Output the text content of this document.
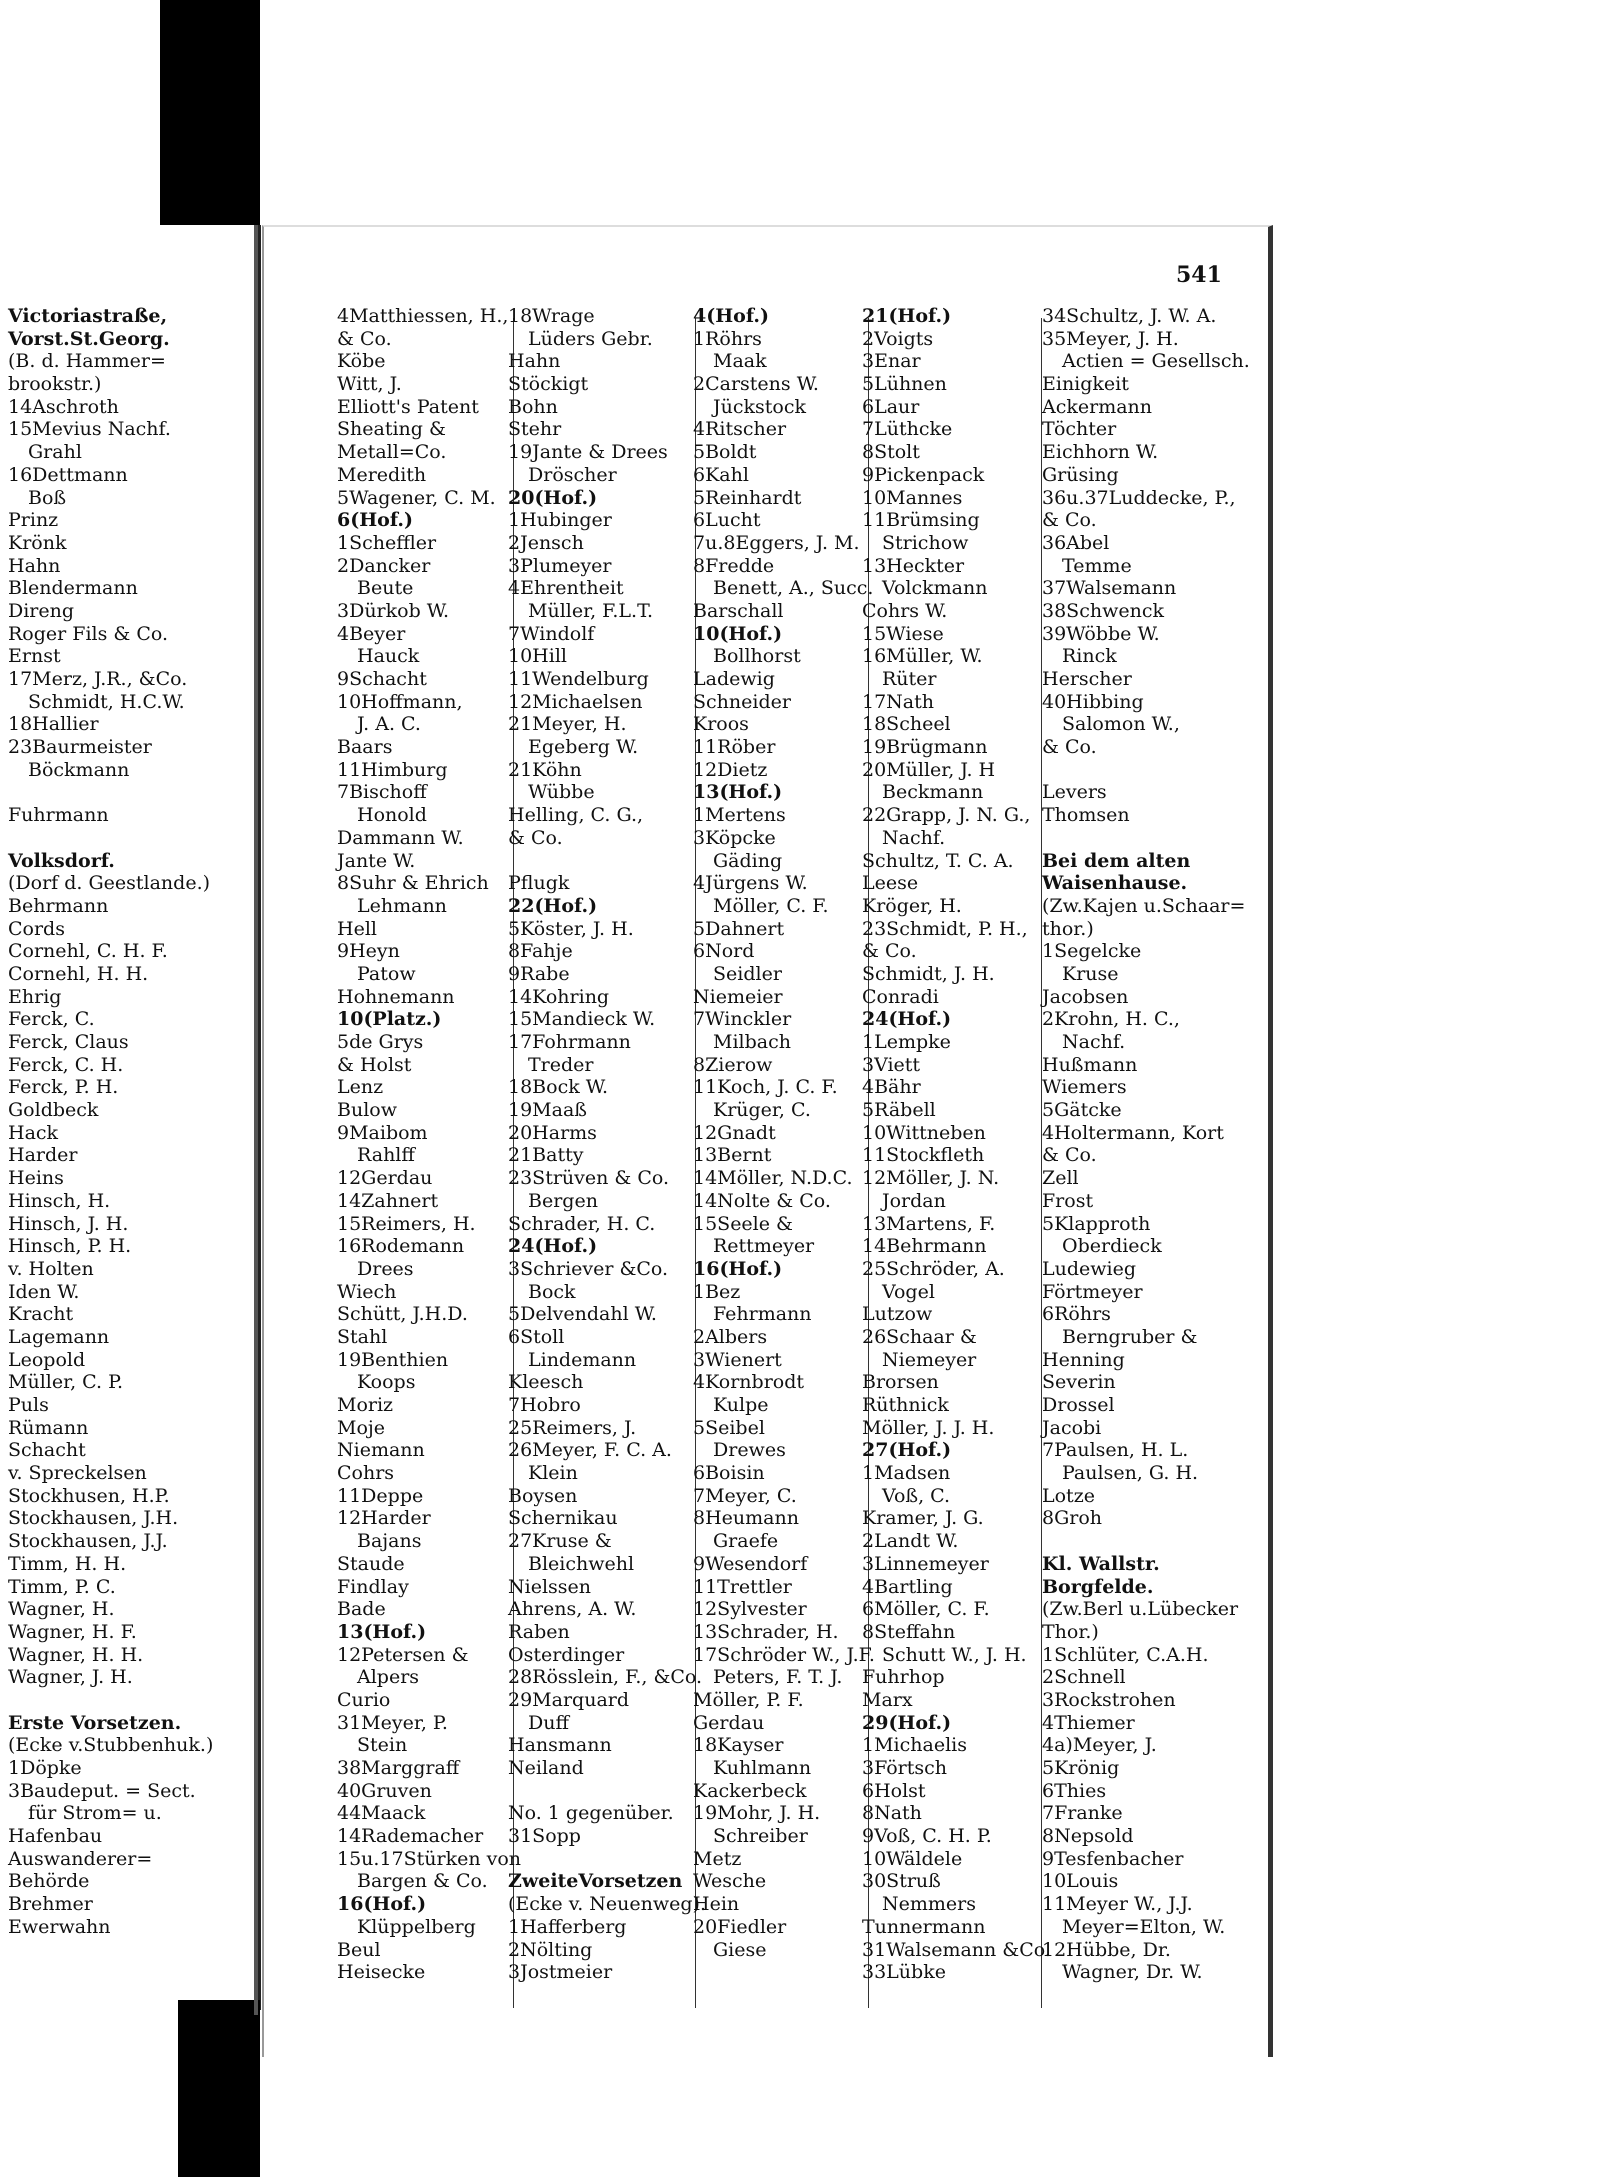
541
Victoriastraße,
Vorst.St.Georg.
(B. d. Hammer=
brookstr.)
14Aschroth
15Mevius Nachf.
Grahl
16Dettmann
Boß
Prinz
Krönk
Hahn
Blendermann
Direng
Roger Fils & Co.
Ernst
17Merz, J.R., &Co.
Schmidt, H.C.W.
18Hallier
23Baurmeister
Böckmann
Fuhrmann
Volksdorf.
(Dorf d. Geestlande.)
Behrmann
Cords
Cornehl, C. H. F.
Cornehl, H. H.
Ehrig
Ferck, C.
Ferck, Claus
Ferck, C. H.
Ferck, P. H.
Goldbeck
Hack
Harder
Heins
Hinsch, H.
Hinsch, J. H.
Hinsch, P. H.
v. Holten
Iden W.
Kracht
Lagemann
Leopold
Müller, C. P.
Puls
Rümann
Schacht
v. Spreckelsen
Stockhusen, H.P.
Stockhausen, J.H.
Stockhausen, J.J.
Timm, H. H.
Timm, P. C.
Wagner, H.
Wagner, H. F.
Wagner, H. H.
Wagner, J. H.
Erste Vorsetzen.
(Ecke v.Stubbenhuk.)
1Döpke
3Baudeput. = Sect.
für Strom= u.
Hafenbau
Auswanderer=
Behörde
Brehmer
Ewerwahn
4Matthiessen, H.,
& Co.
Köbe
Witt, J.
Elliott's Patent
Sheating &
Metall=Co.
Meredith
5Wagener, C. M.
6(Hof.)
1Scheffler
2Dancker
Beute
3Dürkob W.
4Beyer
Hauck
9Schacht
10Hoffmann,
J. A. C.
Baars
11Himburg
7Bischoff
Honold
Dammann W.
Jante W.
8Suhr & Ehrich
Lehmann
Hell
9Heyn
Patow
Hohnemann
10(Platz.)
5de Grys
& Holst
Lenz
Bulow
9Maibom
Rahlff
12Gerdau
14Zahnert
15Reimers, H.
16Rodemann
Drees
Wiech
Schütt, J.H.D.
Stahl
19Benthien
Koops
Moriz
Moje
Niemann
Cohrs
11Deppe
12Harder
Bajans
Staude
Findlay
Bade
13(Hof.)
12Petersen &
Alpers
Curio
31Meyer, P.
Stein
38Marggraff
40Gruven
44Maack
14Rademacher
15u.17Stürken von
Bargen & Co.
16(Hof.)
Klüppelberg
Beul
Heisecke
18Wrage
Lüders Gebr.
Hahn
Stöckigt
Bohn
Stehr
19Jante & Drees
Dröscher
20(Hof.)
1Hubinger
2Jensch
3Plumeyer
4Ehrentheit
Müller, F.L.T.
7Windolf
10Hill
11Wendelburg
12Michaelsen
21Meyer, H.
Egeberg W.
21Köhn
Wübbe
Helling, C. G.,
& Co.
Pflugk
22(Hof.)
5Köster, J. H.
8Fahje
9Rabe
14Kohring
15Mandieck W.
17Fohrmann
Treder
18Bock W.
19Maaß
20Harms
21Batty
23Strüven & Co.
Bergen
Schrader, H. C.
24(Hof.)
3Schriever &Co.
Bock
5Delvendahl W.
6Stoll
Lindemann
Kleesch
7Hobro
25Reimers, J.
26Meyer, F. C. A.
Klein
Boysen
Schernikau
27Kruse &
Bleichwehl
Nielssen
Ahrens, A. W.
Raben
Osterdinger
28Rösslein, F., &Co.
29Marquard
Duff
Hansmann
Neiland
No. 1 gegenüber.
31Sopp
ZweiteVorsetzen
(Ecke v. Neuenweg).
1Hafferberg
2Nölting
3Jostmeier
4(Hof.)
1Röhrs
Maak
2Carstens W.
Jückstock
4Ritscher
5Boldt
6Kahl
5Reinhardt
6Lucht
7u.8Eggers, J. M.
8Fredde
Benett, A., Succ.
Barschall
10(Hof.)
Bollhorst
Ladewig
Schneider
Kroos
11Röber
12Dietz
13(Hof.)
1Mertens
3Köpcke
Gäding
4Jürgens W.
Möller, C. F.
5Dahnert
6Nord
Seidler
Niemeier
7Winckler
Milbach
8Zierow
11Koch, J. C. F.
Krüger, C.
12Gnadt
13Bernt
14Möller, N.D.C.
14Nolte & Co.
15Seele &
Rettmeyer
16(Hof.)
1Bez
Fehrmann
2Albers
3Wienert
4Kornbrodt
Kulpe
5Seibel
Drewes
6Boisin
7Meyer, C.
8Heumann
Graefe
9Wesendorf
11Trettler
12Sylvester
13Schrader, H.
17Schröder W., J.F.
Peters, F. T. J.
Möller, P. F.
Gerdau
18Kayser
Kuhlmann
Kackerbeck
19Mohr, J. H.
Schreiber
Metz
Wesche
Hein
20Fiedler
Giese
21(Hof.)
2Voigts
3Enar
5Lühnen
6Laur
7Lüthcke
8Stolt
9Pickenpack
10Mannes
11Brümsing
Strichow
13Heckter
Volckmann
Cohrs W.
15Wiese
16Müller, W.
Rüter
17Nath
18Scheel
19Brügmann
20Müller, J. H
Beckmann
22Grapp, J. N. G.,
Nachf.
Schultz, T. C. A.
Leese
Kröger, H.
23Schmidt, P. H.,
& Co.
Schmidt, J. H.
Conradi
24(Hof.)
1Lempke
3Viett
4Bähr
5Räbell
10Wittneben
11Stockfleth
12Möller, J. N.
Jordan
13Martens, F.
14Behrmann
25Schröder, A.
Vogel
Lutzow
26Schaar &
Niemeyer
Brorsen
Rüthnick
Möller, J. J. H.
27(Hof.)
1Madsen
Voß, C.
Kramer, J. G.
2Landt W.
3Linnemeyer
4Bartling
6Möller, C. F.
8Steffahn
Schutt W., J. H.
Fuhrhop
Marx
29(Hof.)
1Michaelis
3Förtsch
6Holst
8Nath
9Voß, C. H. P.
10Wäldele
30Struß
Nemmers
Tunnermann
31Walsemann &Co.
33Lübke
34Schultz, J. W. A.
35Meyer, J. H.
Actien = Gesellsch.
Einigkeit
Ackermann
Töchter
Eichhorn W.
Grüsing
36u.37Luddecke, P.,
& Co.
36Abel
Temme
37Walsemann
38Schwenck
39Wöbbe W.
Rinck
Herscher
40Hibbing
Salomon W.,
& Co.
Levers
Thomsen
Bei dem alten
Waisenhause.
(Zw.Kajen u.Schaar=
thor.)
1Segelcke
Kruse
Jacobsen
2Krohn, H. C.,
Nachf.
Hußmann
Wiemers
5Gätcke
4Holtermann, Kort
& Co.
Zell
Frost
5Klapproth
Oberdieck
Ludewieg
Förtmeyer
6Röhrs
Berngruber &
Henning
Severin
Drossel
Jacobi
7Paulsen, H. L.
Paulsen, G. H.
Lotze
8Groh
Kl. Wallstr.
Borgfelde.
(Zw.Berl u.Lübecker
Thor.)
1Schlüter, C.A.H.
2Schnell
3Rockstrohen
4Thiemer
4a)Meyer, J.
5Krönig
6Thies
7Franke
8Nepsold
9Tesfenbacher
10Louis
11Meyer W., J.J.
Meyer=Elton, W.
12Hübbe, Dr.
Wagner, Dr. W.
